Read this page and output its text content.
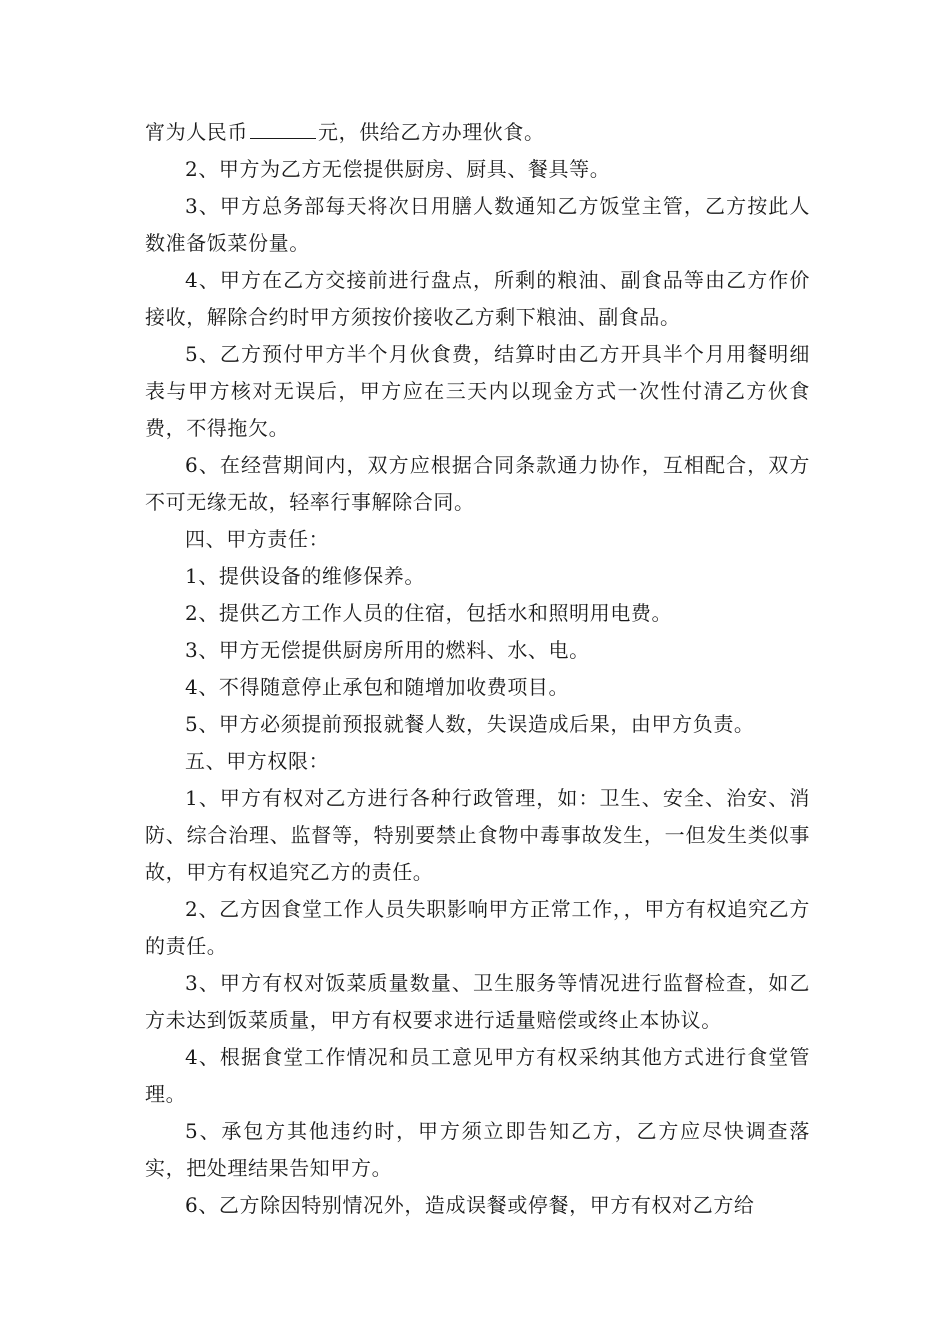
宵为人民币	元，供给乙方办理伙食。

2、甲方为乙方无偿提供厨房、厨具、餐具等。

3、甲方总务部每天将次日用膳人数通知乙方饭堂主管，乙方按此人数准备饭菜份量。

4、甲方在乙方交接前进行盘点，所剩的粮油、副食品等由乙方作价接收，解除合约时甲方须按价接收乙方剩下粮油、副食品。

5、乙方预付甲方半个月伙食费，结算时由乙方开具半个月用餐明细表与甲方核对无误后，甲方应在三天内以现金方式一次性付清乙方伙食费，不得拖欠。

6、在经营期间内，双方应根据合同条款通力协作，互相配合，双方不可无缘无故，轻率行事解除合同。

四、甲方责任：

1、提供设备的维修保养。

2、提供乙方工作人员的住宿，包括水和照明用电费。

3、甲方无偿提供厨房所用的燃料、水、电。

4、不得随意停止承包和随增加收费项目。

5、甲方必须提前预报就餐人数，失误造成后果，由甲方负责。

五、甲方权限：

1、甲方有权对乙方进行各种行政管理，如：卫生、安全、治安、消防、综合治理、监督等，特别要禁止食物中毒事故发生，一但发生类似事故，甲方有权追究乙方的责任。

2、乙方因食堂工作人员失职影响甲方正常工作，，甲方有权追究乙方的责任。

3、甲方有权对饭菜质量数量、卫生服务等情况进行监督检查，如乙方未达到饭菜质量，甲方有权要求进行适量赔偿或终止本协议。

4、根据食堂工作情况和员工意见甲方有权采纳其他方式进行食堂管理。

5、承包方其他违约时，甲方须立即告知乙方，乙方应尽快调查落实，把处理结果告知甲方。

6、乙方除因特别情况外，造成误餐或停餐，甲方有权对乙方给
